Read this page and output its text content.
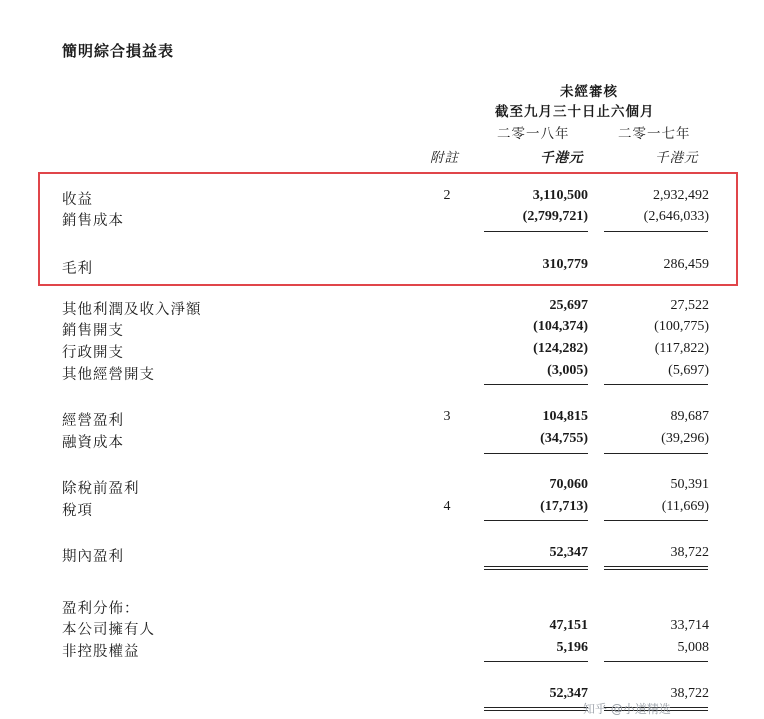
簡明綜合損益表
未經審核
截至九月三十日止六個月
二零一八年	二零一七年
附註	千港元	千港元
收益	2	3,110,500	2,932,492
銷售成本	(2,799,721)	(2,646,033)
毛利	310,779	286,459
其他利潤及收入淨額	25,697	27,522
銷售開支	(104,374)	(100,775)
行政開支	(124,282)	(117,822)
其他經營開支	(3,005)	(5,697)
經營盈利	3	104,815	89,687
融資成本	(34,755)	(39,296)
除稅前盈利	70,060	50,391
稅項	4	(17,713)	(11,669)
期內盈利	52,347	38,722
盈利分佈：
本公司擁有人	47,151	33,714
非控股權益	5,196	5,008
52,347	38,722
知乎 @小道精选
